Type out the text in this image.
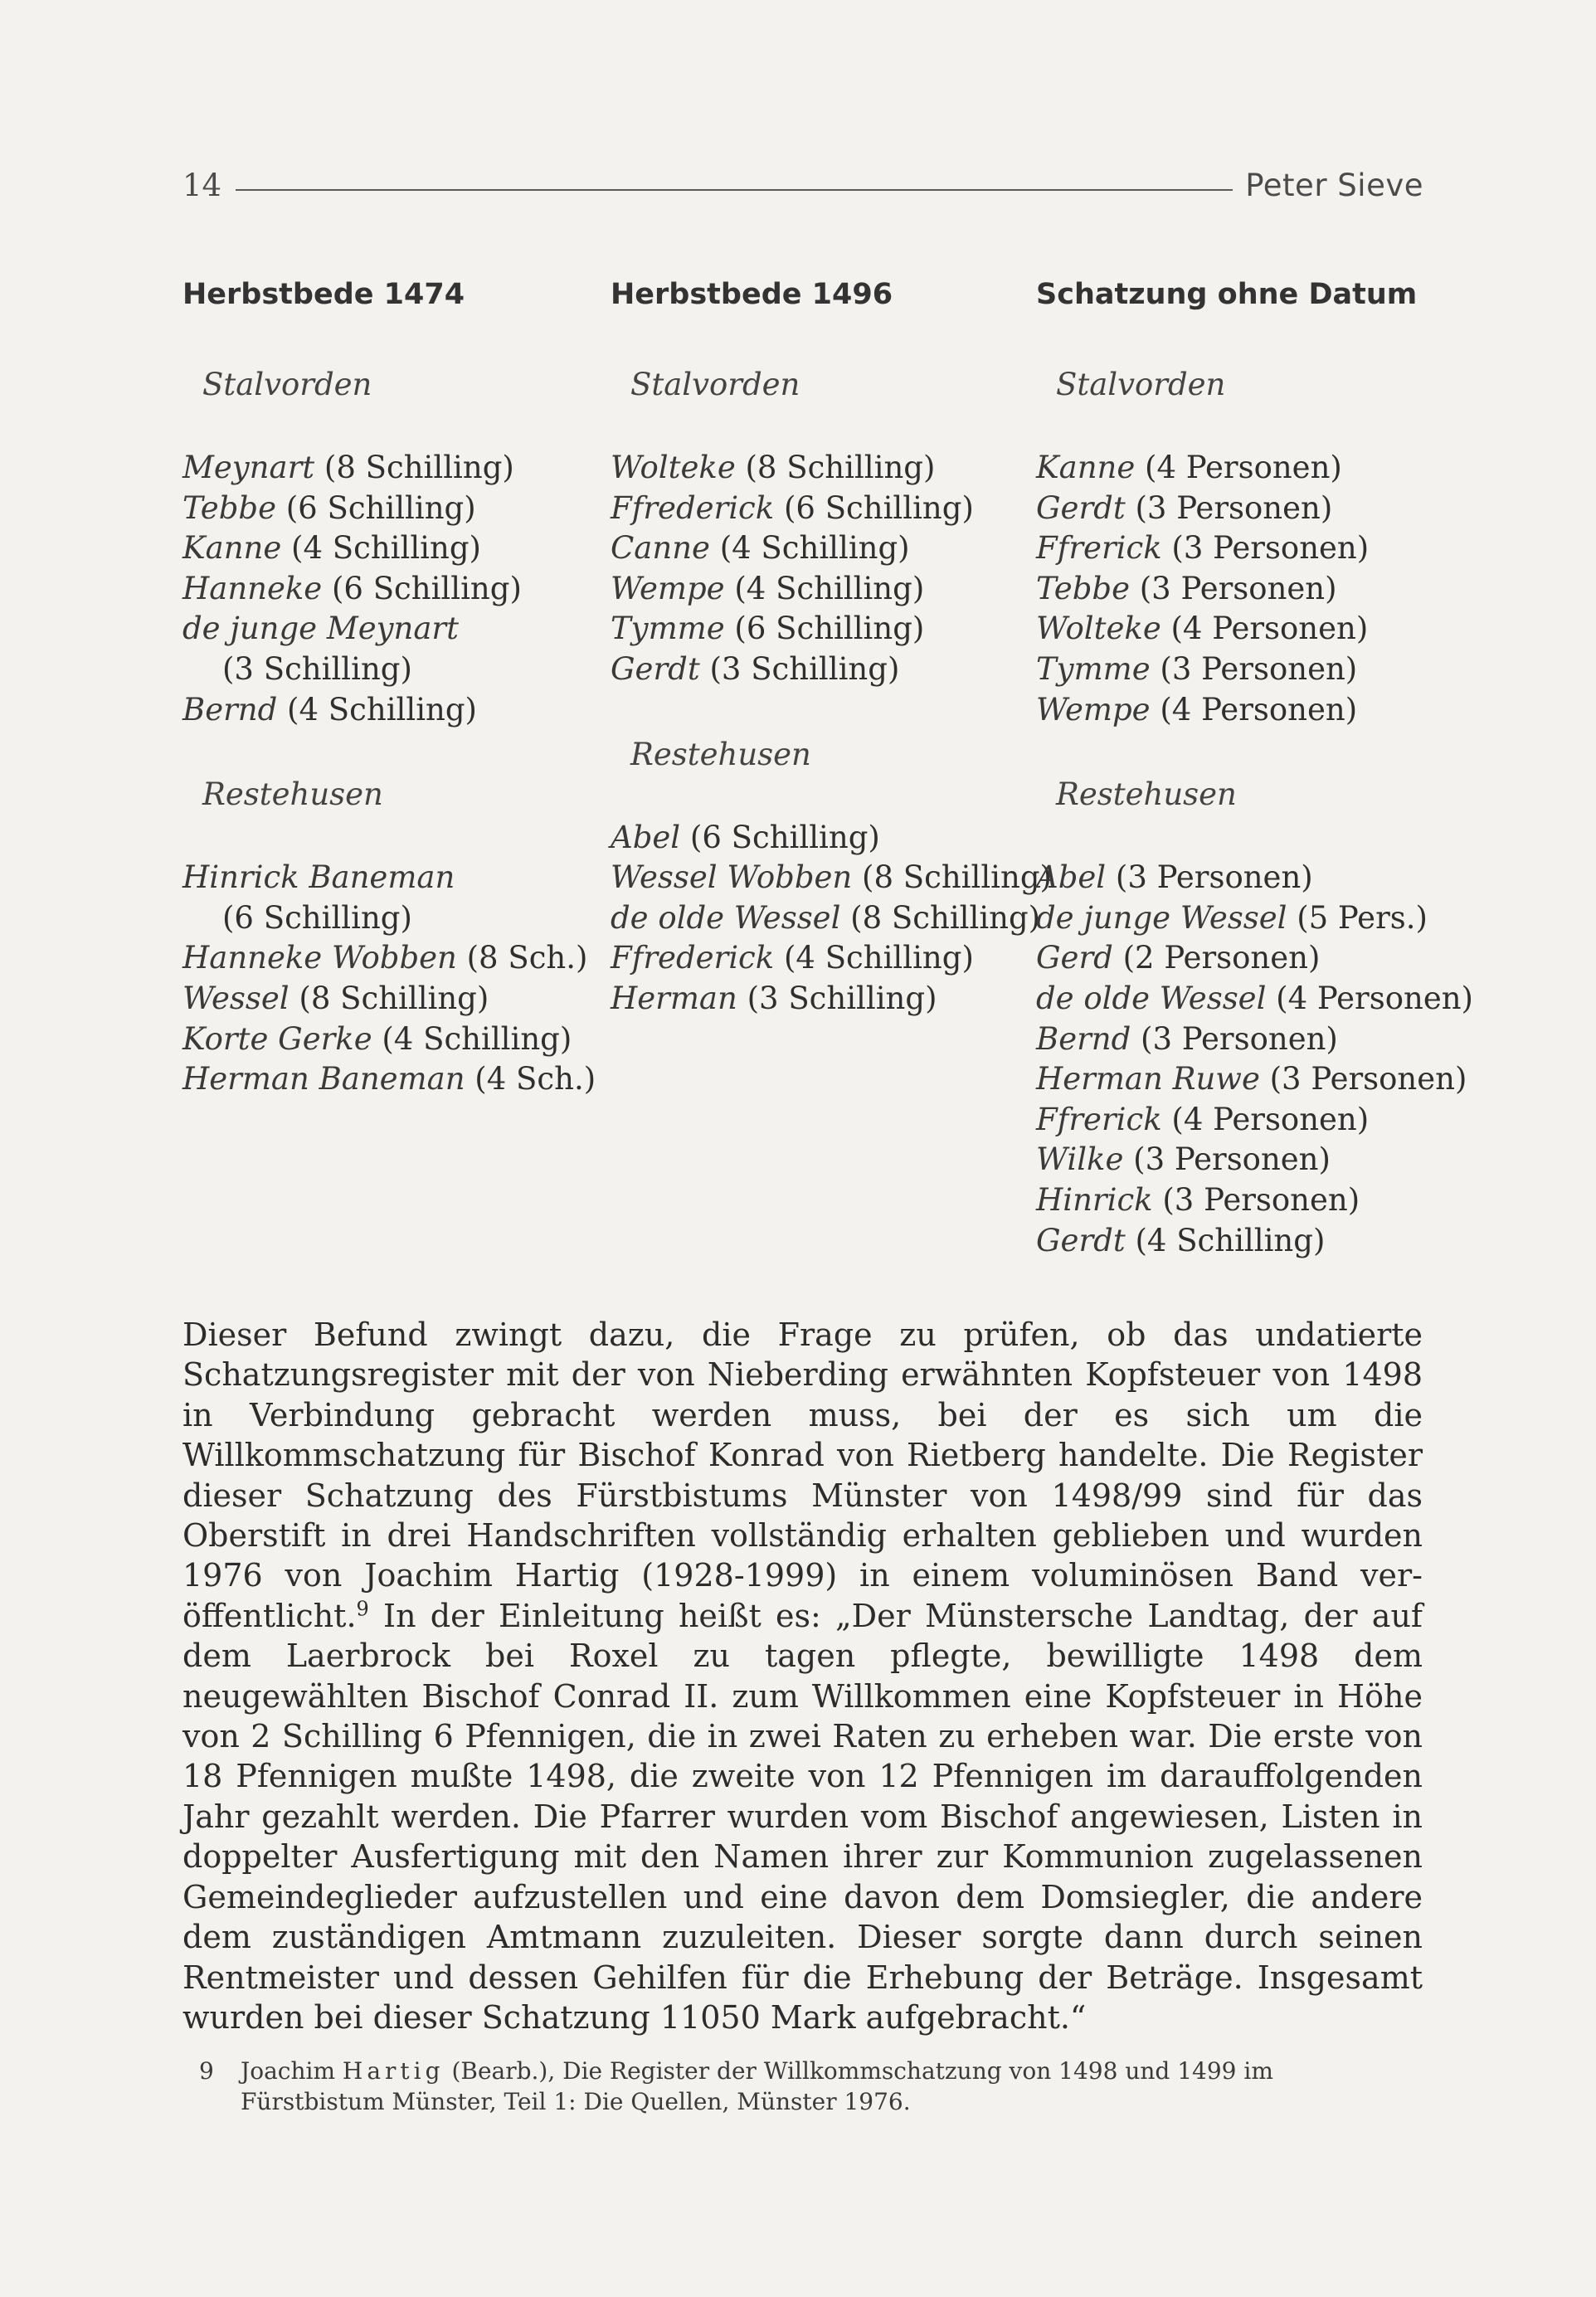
14	Peter Sieve
Herbstbede 1474
Stalvorden
Meynart (8 Schilling)
Tebbe (6 Schilling)
Kanne (4 Schilling)
Hanneke (6 Schilling)
de junge Meynart
(3 Schilling)
Bernd (4 Schilling)
Restehusen
Hinrick Baneman
(6 Schilling)
Hanneke Wobben (8 Sch.)
Wessel (8 Schilling)
Korte Gerke (4 Schilling)
Herman Baneman (4 Sch.)
Herbstbede 1496
Stalvorden
Wolteke (8 Schilling)
Ffrederick (6 Schilling)
Canne (4 Schilling)
Wempe (4 Schilling)
Tymme (6 Schilling)
Gerdt (3 Schilling)
Restehusen
Abel (6 Schilling)
Wessel Wobben (8 Schilling)
de olde Wessel (8 Schilling)
Ffrederick (4 Schilling)
Herman (3 Schilling)
Schatzung ohne Datum
Stalvorden
Kanne (4 Personen)
Gerdt (3 Personen)
Ffrerick (3 Personen)
Tebbe (3 Personen)
Wolteke (4 Personen)
Tymme (3 Personen)
Wempe (4 Personen)
Restehusen
Abel (3 Personen)
de junge Wessel (5 Pers.)
Gerd (2 Personen)
de olde Wessel (4 Personen)
Bernd (3 Personen)
Herman Ruwe (3 Personen)
Ffrerick (4 Personen)
Wilke (3 Personen)
Hinrick (3 Personen)
Gerdt (4 Schilling)

Dieser Befund zwingt dazu, die Frage zu prüfen, ob das undatierte Schatzungsregister mit der von Nieberding erwähnten Kopfsteuer von 1498 in Verbindung gebracht werden muss, bei der es sich um die Willkommschatzung für Bischof Konrad von Rietberg handelte. Die Register dieser Schatzung des Fürstbistums Münster von 1498/99 sind für das Oberstift in drei Handschriften vollständig erhalten geblieben und wurden 1976 von Joachim Hartig (1928-1999) in einem voluminösen Band veröffentlicht.$^9$ In der Einleitung heißt es: „Der Münstersche Landtag, der auf dem Laerbrock bei Roxel zu tagen pflegte, bewilligte 1498 dem neugewählten Bischof Conrad II. zum Willkommen eine Kopfsteuer in Höhe von 2 Schilling 6 Pfennigen, die in zwei Raten zu erheben war. Die erste von 18 Pfennigen mußte 1498, die zweite von 12 Pfennigen im darauffolgenden Jahr gezahlt werden. Die Pfarrer wurden vom Bischof angewiesen, Listen in doppelter Ausfertigung mit den Namen ihrer zur Kommunion zugelassenen Gemeindeglieder aufzustellen und eine davon dem Domsiegler, die andere dem zuständigen Amtmann zuzuleiten. Dieser sorgte dann durch seinen Rentmeister und dessen Gehilfen für die Erhebung der Beträge. Insgesamt wurden bei dieser Schatzung 11050 Mark aufgebracht.“

9 Joachim Hartig (Bearb.), Die Register der Willkommschatzung von 1498 und 1499 im Fürstbistum Münster, Teil 1: Die Quellen, Münster 1976.
